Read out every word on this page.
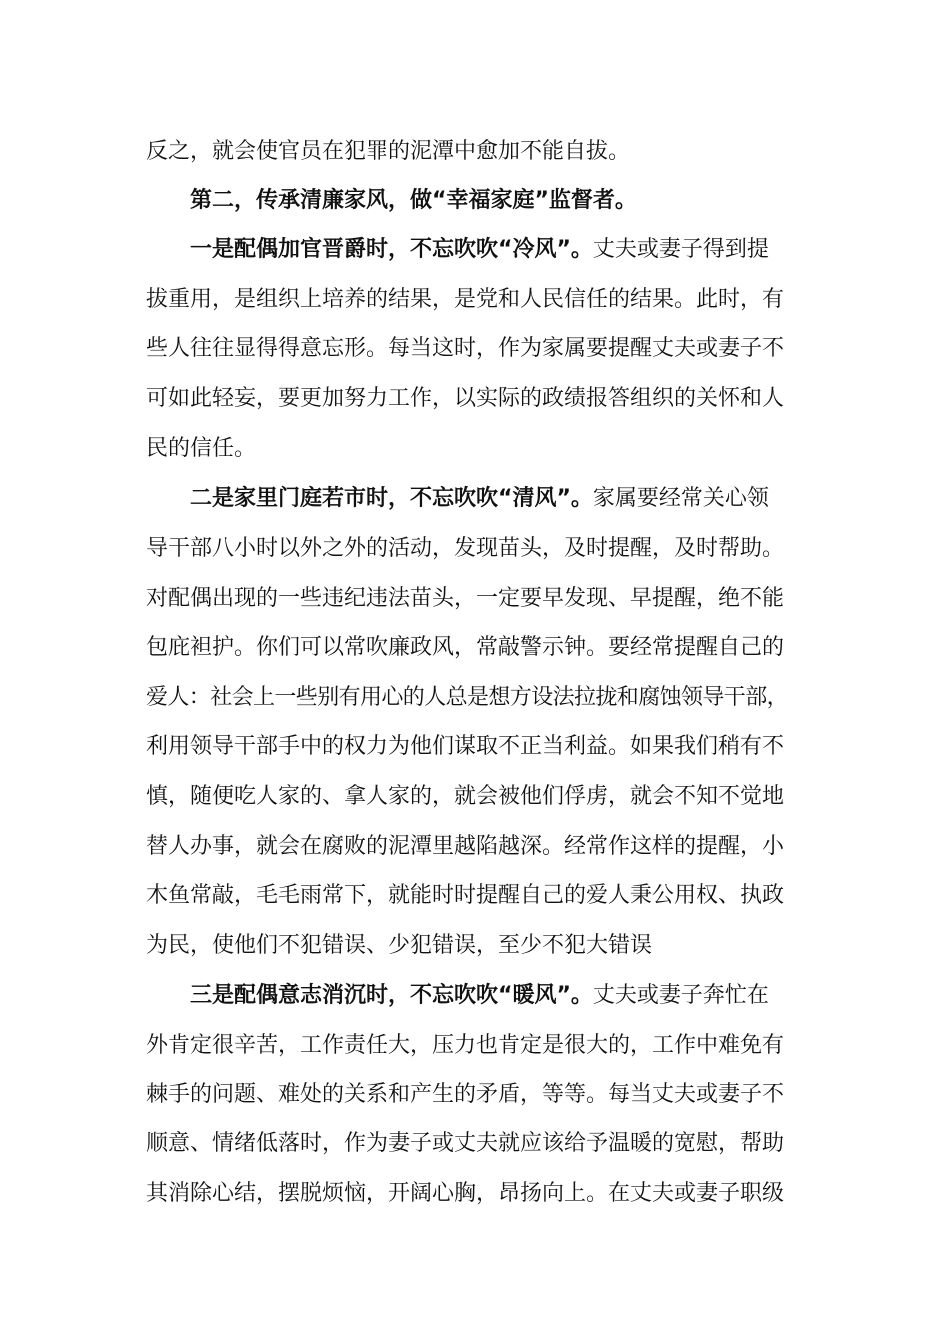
反之，就会使官员在犯罪的泥潭中愈加不能自拔。
第二，传承清廉家风，做“幸福家庭”监督者。
一是配偶加官晋爵时，不忘吹吹“冷风”。丈夫或妻子得到提
拔重用，是组织上培养的结果，是党和人民信任的结果。此时，有
些人往往显得得意忘形。每当这时，作为家属要提醒丈夫或妻子不
可如此轻妄，要更加努力工作，以实际的政绩报答组织的关怀和人
民的信任。
二是家里门庭若市时，不忘吹吹“清风”。家属要经常关心领
导干部八小时以外之外的活动，发现苗头，及时提醒，及时帮助。
对配偶出现的一些违纪违法苗头，一定要早发现、早提醒，绝不能
包庇袒护。你们可以常吹廉政风，常敲警示钟。要经常提醒自己的
爱人：社会上一些别有用心的人总是想方设法拉拢和腐蚀领导干部，
利用领导干部手中的权力为他们谋取不正当利益。如果我们稍有不
慎，随便吃人家的、拿人家的，就会被他们俘虏，就会不知不觉地
替人办事，就会在腐败的泥潭里越陷越深。经常作这样的提醒，小
木鱼常敲，毛毛雨常下，就能时时提醒自己的爱人秉公用权、执政
为民，使他们不犯错误、少犯错误，至少不犯大错误
三是配偶意志消沉时，不忘吹吹“暖风”。丈夫或妻子奔忙在
外肯定很辛苦，工作责任大，压力也肯定是很大的，工作中难免有
棘手的问题、难处的关系和产生的矛盾，等等。每当丈夫或妻子不
顺意、情绪低落时，作为妻子或丈夫就应该给予温暖的宽慰，帮助
其消除心结，摆脱烦恼，开阔心胸，昂扬向上。在丈夫或妻子职级
